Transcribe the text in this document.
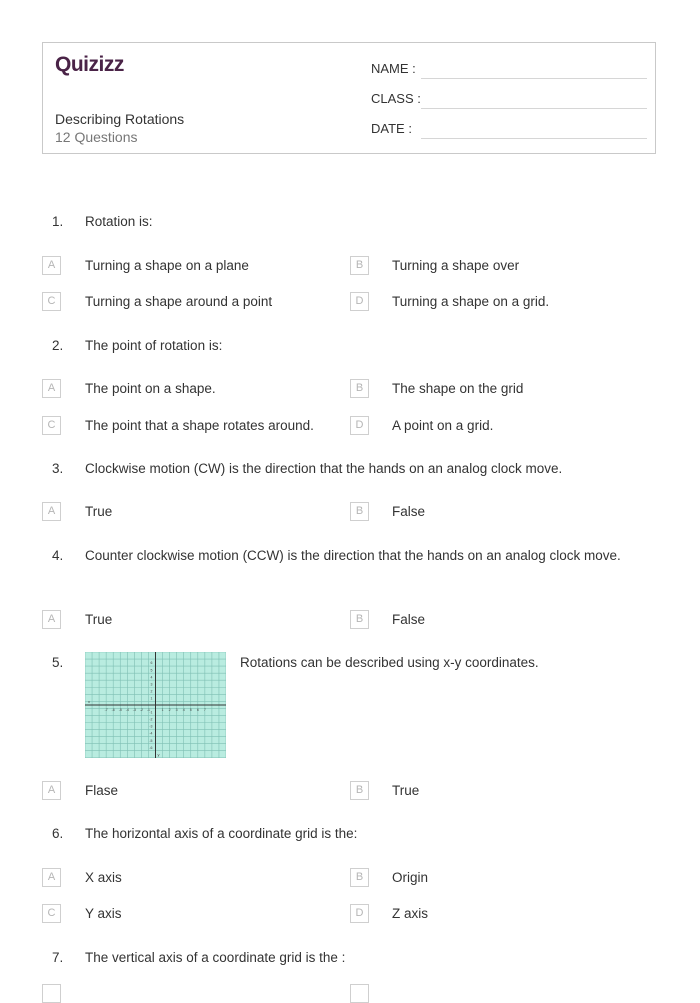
Quizizz
Describing Rotations
12 Questions
NAME :
CLASS :
DATE :
1. Rotation is:
A	Turning a shape on a plane	B	Turning a shape over
C	Turning a shape around a point	D	Turning a shape on a grid.
2. The point of rotation is:
A	The point on a shape.	B	The shape on the grid
C	The point that a shape rotates around.	D	A point on a grid.
3. Clockwise motion (CW) is the direction that the hands on an analog clock move.
A	True	B	False
4. Counter clockwise motion (CCW) is the direction that the hands on an analog clock move.
A	True	B	False
5.
-7 -6 -5 -4 -3 -2 -1	1 2 3 4 5 6 7
6
5
4
3
2
1
-1
-2
-3
-4
-5
-6
x
y
Rotations can be described using x-y coordinates.
A	Flase	B	True
6. The horizontal axis of a coordinate grid is the:
A	X axis	B	Origin
C	Y axis	D	Z axis
7. The vertical axis of a coordinate grid is the :
